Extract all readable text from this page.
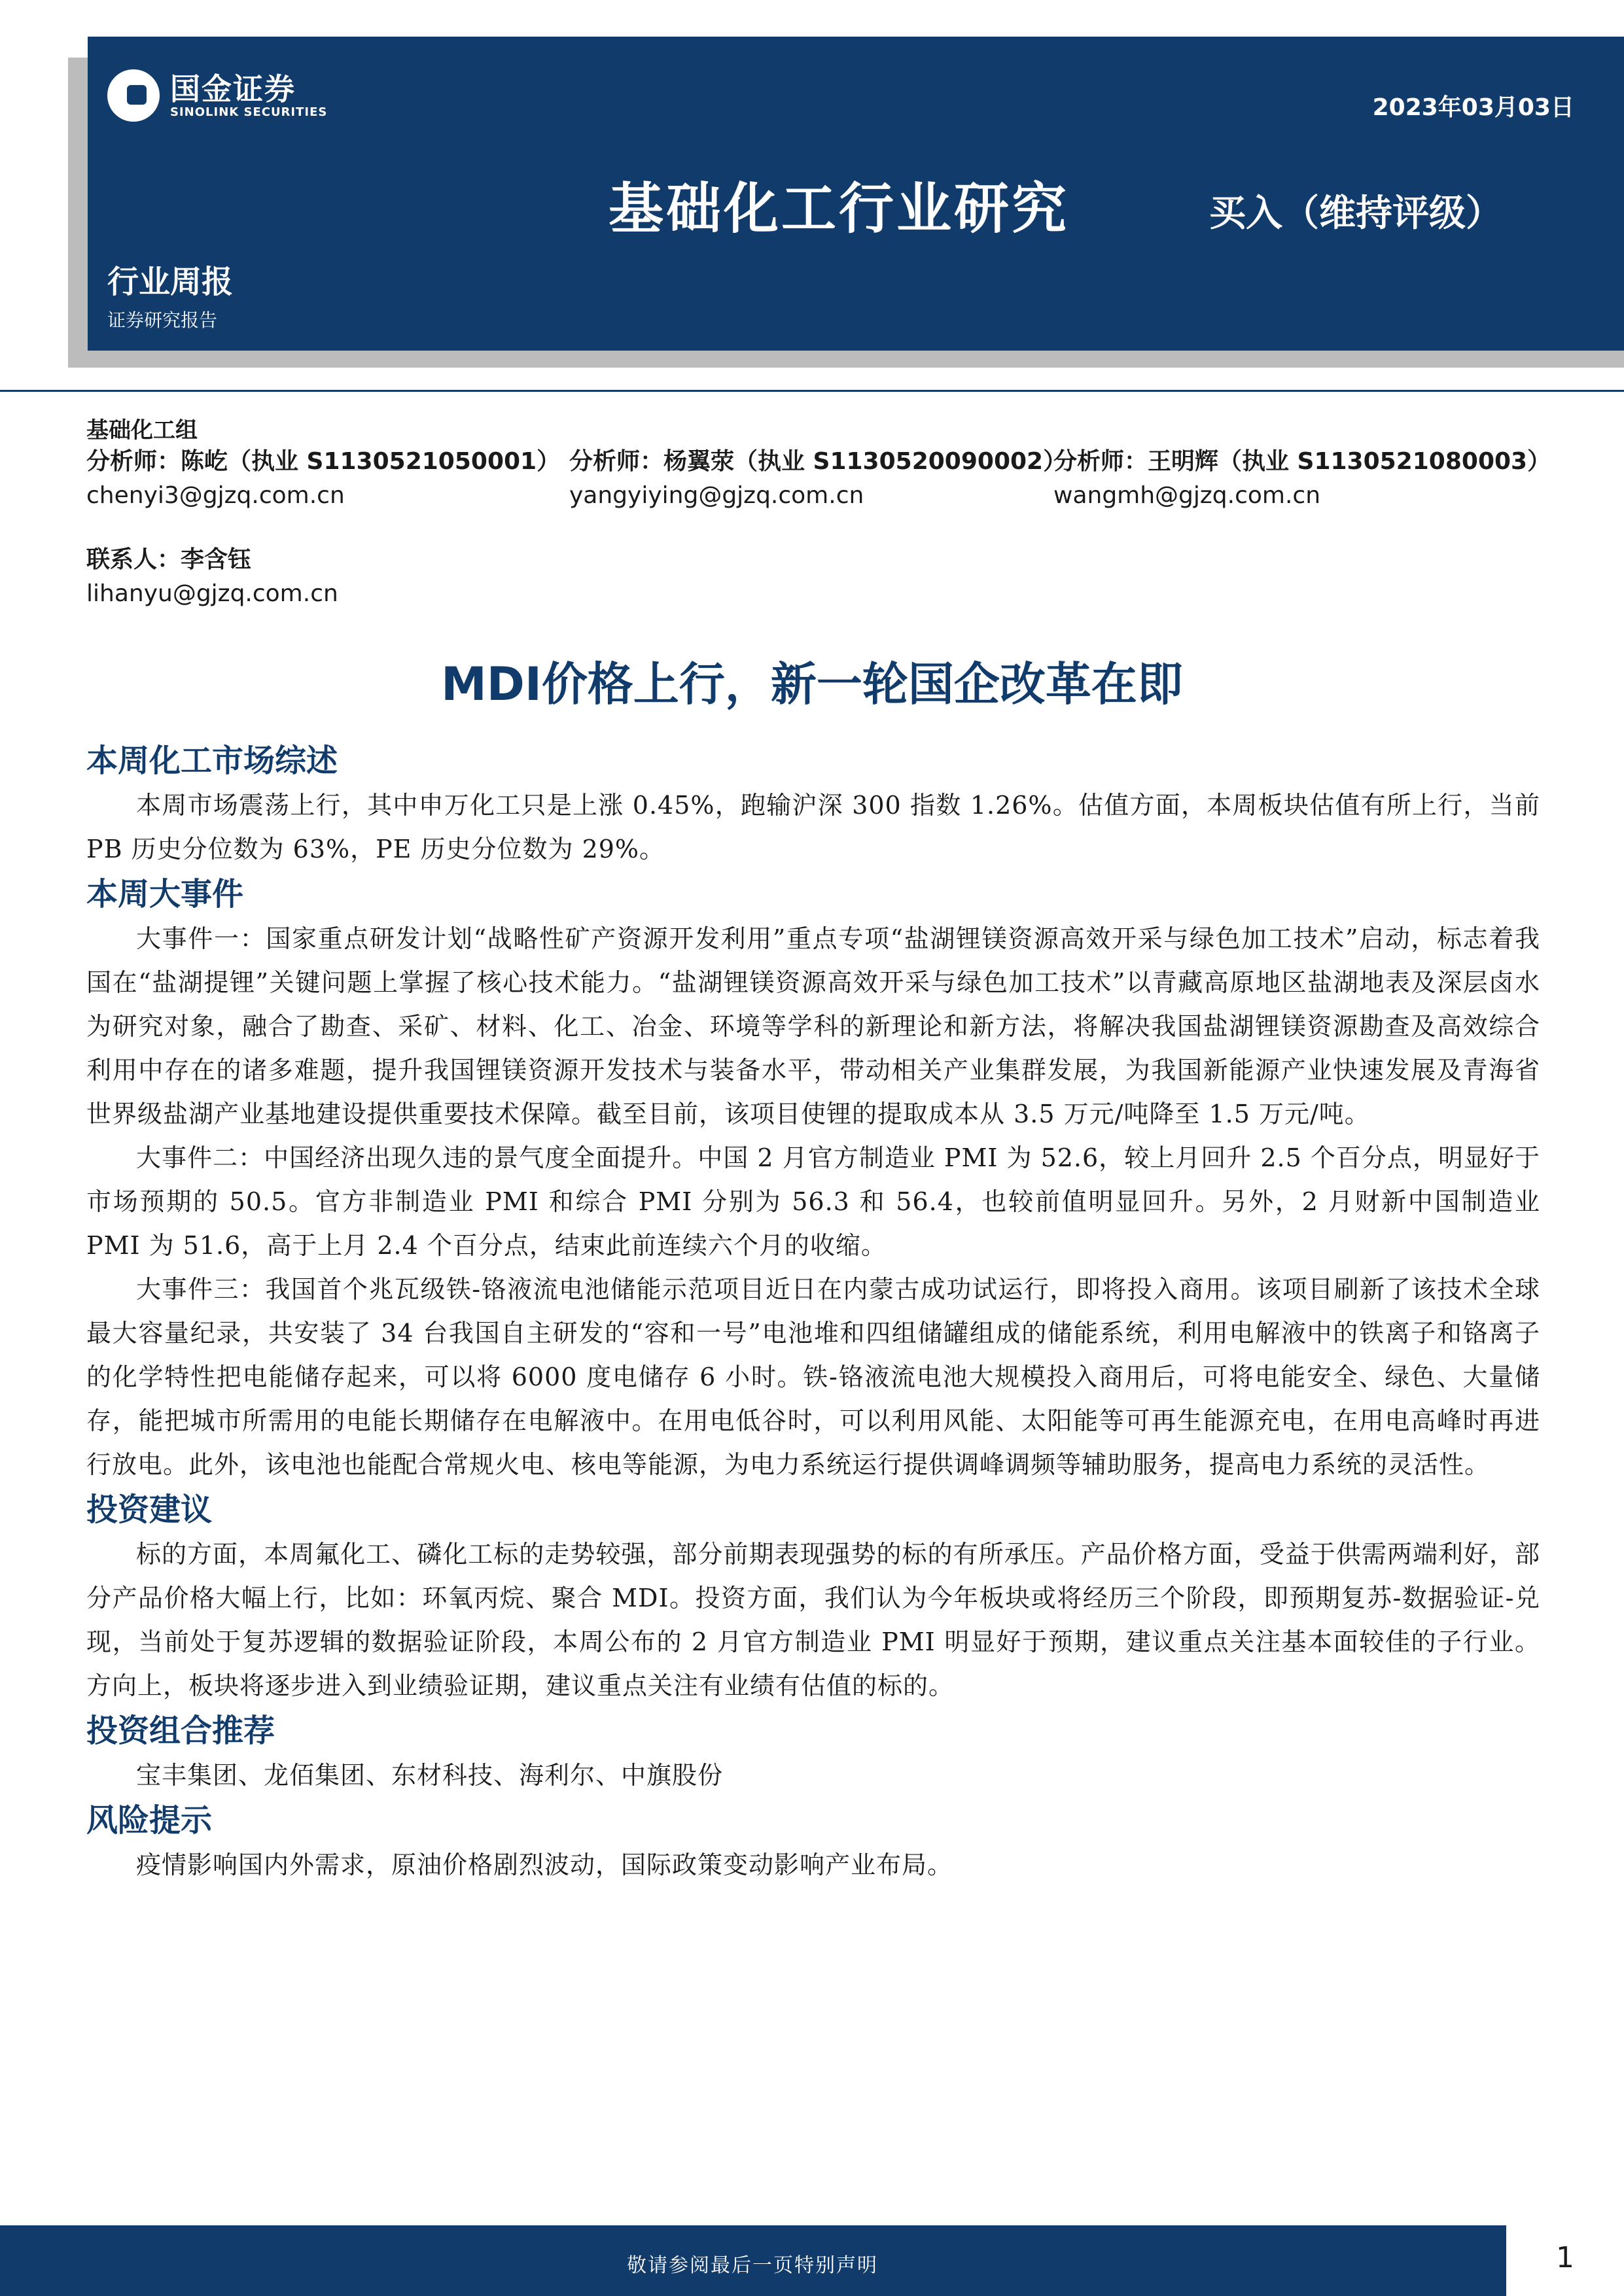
国金证券
SINOLINK SECURITIES	2023年03月03日
基础化工行业研究	买入（维持评级）
行业周报
证券研究报告
基础化工组
分析师：陈屹（执业 S1130521050001）
chenyi3@gjzq.com.cn
分析师：杨翼荥（执业 S1130520090002）
yangyiying@gjzq.com.cn
分析师：王明辉（执业 S1130521080003）
wangmh@gjzq.com.cn
联系人：李含钰
lihanyu@gjzq.com.cn
MDI价格上行，新一轮国企改革在即
本周化工市场综述

本周市场震荡上行，其中申万化工只是上涨 0.45%，跑输沪深 300 指数 1.26%。估值方面，本周板块估值有所上行，当前 PB 历史分位数为 63%，PE 历史分位数为 29%。

本周大事件

大事件一：国家重点研发计划“战略性矿产资源开发利用”重点专项“盐湖锂镁资源高效开采与绿色加工技术”启动，标志着我国在“盐湖提锂”关键问题上掌握了核心技术能力。“盐湖锂镁资源高效开采与绿色加工技术”以青藏高原地区盐湖地表及深层卤水为研究对象，融合了勘查、采矿、材料、化工、冶金、环境等学科的新理论和新方法，将解决我国盐湖锂镁资源勘查及高效综合利用中存在的诸多难题，提升我国锂镁资源开发技术与装备水平，带动相关产业集群发展，为我国新能源产业快速发展及青海省世界级盐湖产业基地建设提供重要技术保障。截至目前，该项目使锂的提取成本从 3.5 万元/吨降至 1.5 万元/吨。

大事件二：中国经济出现久违的景气度全面提升。中国 2 月官方制造业 PMI 为 52.6，较上月回升 2.5 个百分点，明显好于市场预期的 50.5。官方非制造业 PMI 和综合 PMI 分别为 56.3 和 56.4，也较前值明显回升。另外，2 月财新中国制造业 PMI 为 51.6，高于上月 2.4 个百分点，结束此前连续六个月的收缩。

大事件三：我国首个兆瓦级铁-铬液流电池储能示范项目近日在内蒙古成功试运行，即将投入商用。该项目刷新了该技术全球最大容量纪录，共安装了 34 台我国自主研发的“容和一号”电池堆和四组储罐组成的储能系统，利用电解液中的铁离子和铬离子的化学特性把电能储存起来，可以将 6000 度电储存 6 小时。铁-铬液流电池大规模投入商用后，可将电能安全、绿色、大量储存，能把城市所需用的电能长期储存在电解液中。在用电低谷时，可以利用风能、太阳能等可再生能源充电，在用电高峰时再进行放电。此外，该电池也能配合常规火电、核电等能源，为电力系统运行提供调峰调频等辅助服务，提高电力系统的灵活性。

投资建议

标的方面，本周氟化工、磷化工标的走势较强，部分前期表现强势的标的有所承压。产品价格方面，受益于供需两端利好，部分产品价格大幅上行，比如：环氧丙烷、聚合 MDI。投资方面，我们认为今年板块或将经历三个阶段，即预期复苏-数据验证-兑现，当前处于复苏逻辑的数据验证阶段，本周公布的 2 月官方制造业 PMI 明显好于预期，建议重点关注基本面较佳的子行业。方向上，板块将逐步进入到业绩验证期，建议重点关注有业绩有估值的标的。

投资组合推荐

宝丰集团、龙佰集团、东材科技、海利尔、中旗股份

风险提示

疫情影响国内外需求，原油价格剧烈波动，国际政策变动影响产业布局。

敬请参阅最后一页特别声明	1
